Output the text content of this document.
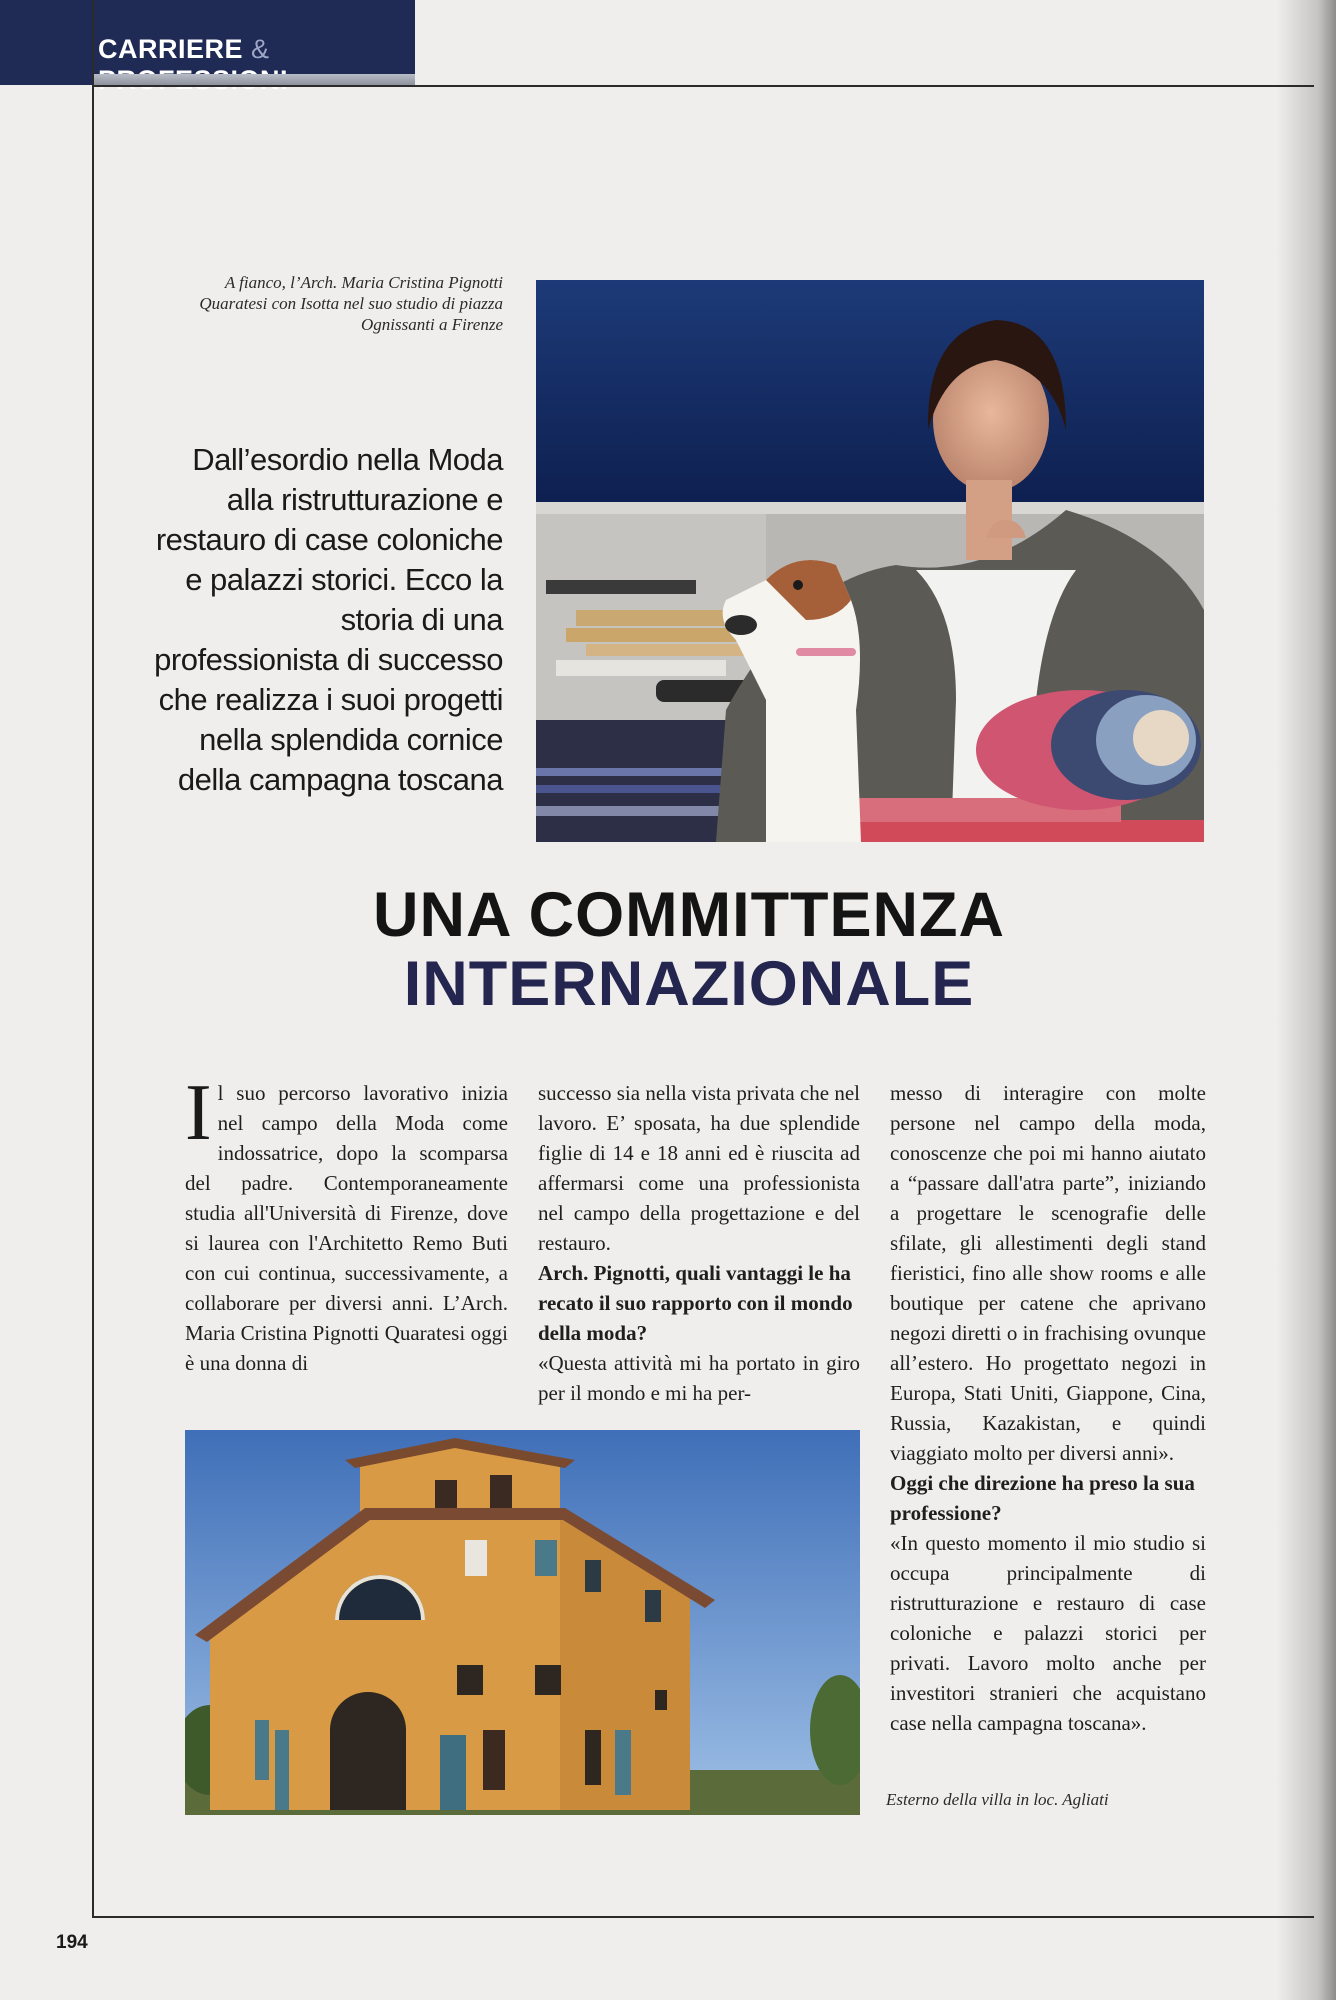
CARRIERE &
A fianco, l’Arch. Maria Cristina Pignotti Quaratesi con Isotta nel suo studio di piazza Ognissanti a Firenze
Dall’esordio nella Moda alla ristrutturazione e restauro di case coloniche e palazzi storici. Ecco la storia di una professionista di successo che realizza i suoi progetti nella splendida cornice della campagna toscana
UNA COMMITTENZA
INTERNAZIONALE

Il suo percorso lavorativo inizia nel campo della Moda come indossatrice, dopo la scomparsa del padre. Contemporaneamente studia all'Università di Firenze, dove si laurea con l'Architetto Remo Buti con cui continua, successivamente, a collaborare per diversi anni. L’Arch. Maria Cristina Pignotti Quaratesi oggi è una donna di

successo sia nella vista privata che nel lavoro. E’ sposata, ha due splendide figlie di 14 e 18 anni ed è riuscita ad affermarsi come una professionista nel campo della progettazione e del restauro.

Arch. Pignotti, quali vantaggi le ha recato il suo rapporto con il mondo della moda?

«Questa attività mi ha portato in giro per il mondo e mi ha per-

messo di interagire con molte persone nel campo della moda, conoscenze che poi mi hanno aiutato a “passare dall'atra parte”, iniziando a progettare le scenografie delle sfilate, gli allestimenti degli stand fieristici, fino alle show rooms e alle boutique per catene che aprivano negozi diretti o in frachising ovunque all’estero. Ho progettato negozi in Europa, Stati Uniti, Giappone, Cina, Russia, Kazakistan, e quindi viaggiato molto per diversi anni».

Oggi che direzione ha preso la sua professione?

«In questo momento il mio studio si occupa principalmente di ristrutturazione e restauro di case coloniche e palazzi storici per privati. Lavoro molto anche per investitori stranieri che acquistano case nella campagna toscana».

Esterno della villa in loc. Agliati
194
